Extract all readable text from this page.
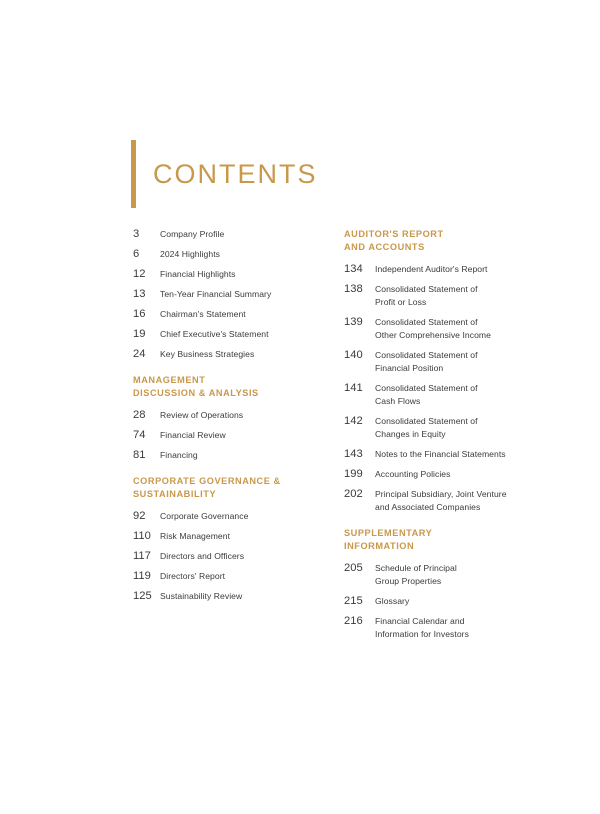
CONTENTS
3	Company Profile
6	2024 Highlights
12	Financial Highlights
13	Ten-Year Financial Summary
16	Chairman's Statement
19	Chief Executive's Statement
24	Key Business Strategies
MANAGEMENT
DISCUSSION & ANALYSIS
28	Review of Operations
74	Financial Review
81	Financing
CORPORATE GOVERNANCE &
SUSTAINABILITY
92	Corporate Governance
110	Risk Management
117	Directors and Officers
119	Directors' Report
125 Sustainability Review
AUDITOR'S REPORT
AND ACCOUNTS
134	Independent Auditor's Report
138	Consolidated Statement of
Profit or Loss
139	Consolidated Statement of
Other Comprehensive Income
140	Consolidated Statement of
Financial Position
141	Consolidated Statement of
Cash Flows
142	Consolidated Statement of
Changes in Equity
143	Notes to the Financial Statements
199	Accounting Policies
202	Principal Subsidiary, Joint Venture
and Associated Companies
SUPPLEMENTARY
INFORMATION
205	Schedule of Principal
Group Properties
215	Glossary
216	Financial Calendar and
Information for Investors
